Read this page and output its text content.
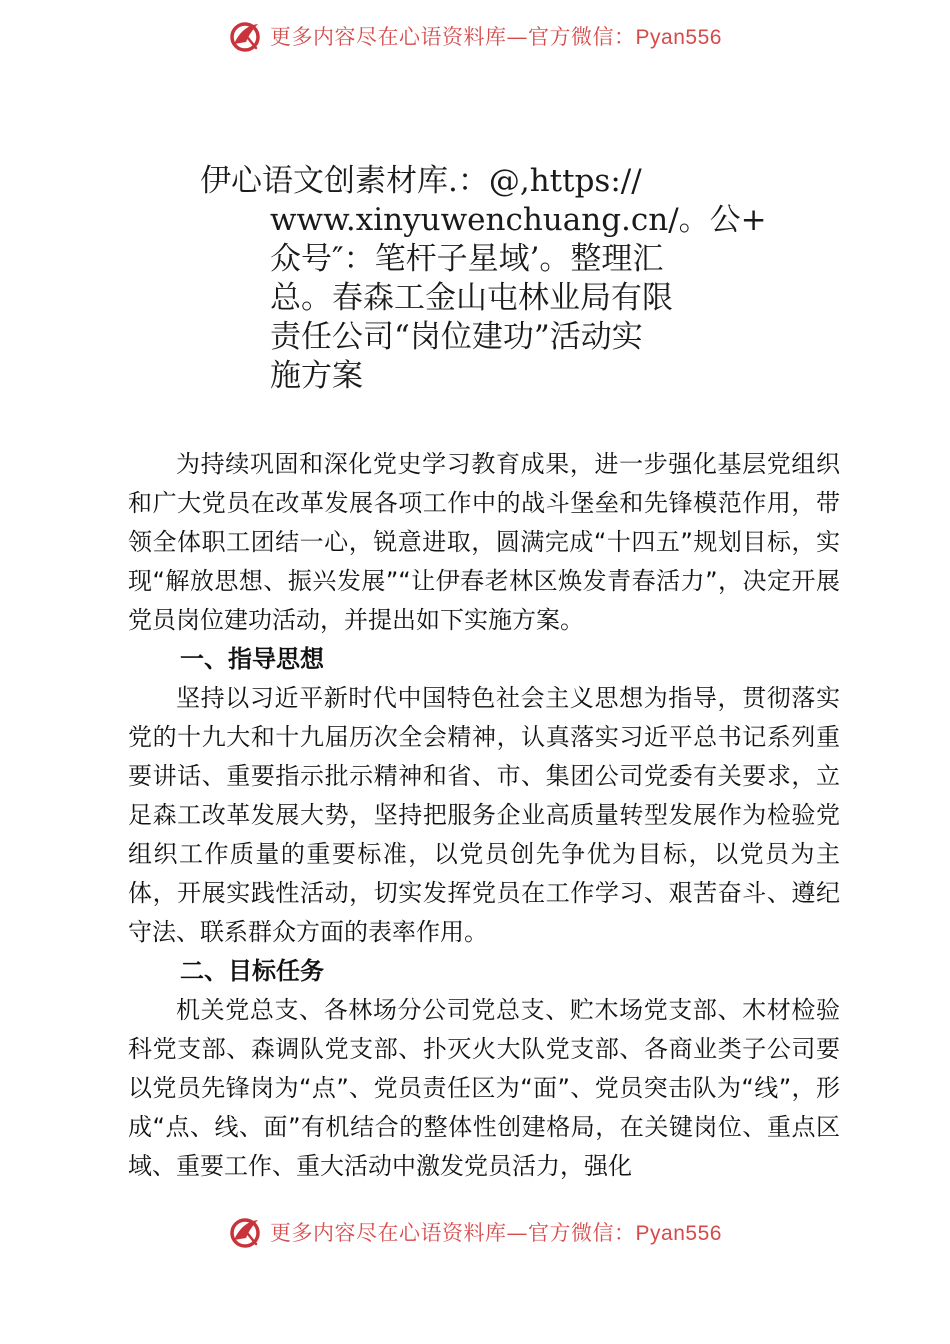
更多内容尽在心语资料库—官方微信：Pyan556
伊心语文创素材库.：@,https://
www.xinyuwenchuang.cn/。公+
众号″：笔杆子星域’。整理汇
总。春森工金山屯林业局有限
责任公司“岗位建功”活动实
施方案

为持续巩固和深化党史学习教育成果，进一步强化基层党组织和广大党员在改革发展各项工作中的战斗堡垒和先锋模范作用，带领全体职工团结一心，锐意进取，圆满完成“十四五”规划目标，实现“解放思想、振兴发展”“让伊春老林区焕发青春活力”，决定开展党员岗位建功活动，并提出如下实施方案。

一、指导思想

坚持以习近平新时代中国特色社会主义思想为指导，贯彻落实党的十九大和十九届历次全会精神，认真落实习近平总书记系列重要讲话、重要指示批示精神和省、市、集团公司党委有关要求，立足森工改革发展大势，坚持把服务企业高质量转型发展作为检验党组织工作质量的重要标准，以党员创先争优为目标，以党员为主体，开展实践性活动，切实发挥党员在工作学习、艰苦奋斗、遵纪守法、联系群众方面的表率作用。

二、目标任务

机关党总支、各林场分公司党总支、贮木场党支部、木材检验科党支部、森调队党支部、扑灭火大队党支部、各商业类子公司要以党员先锋岗为“点”、党员责任区为“面”、党员突击队为“线”，形成“点、线、面”有机结合的整体性创建格局，在关键岗位、重点区域、重要工作、重大活动中激发党员活力，强化

更多内容尽在心语资料库—官方微信：Pyan556
